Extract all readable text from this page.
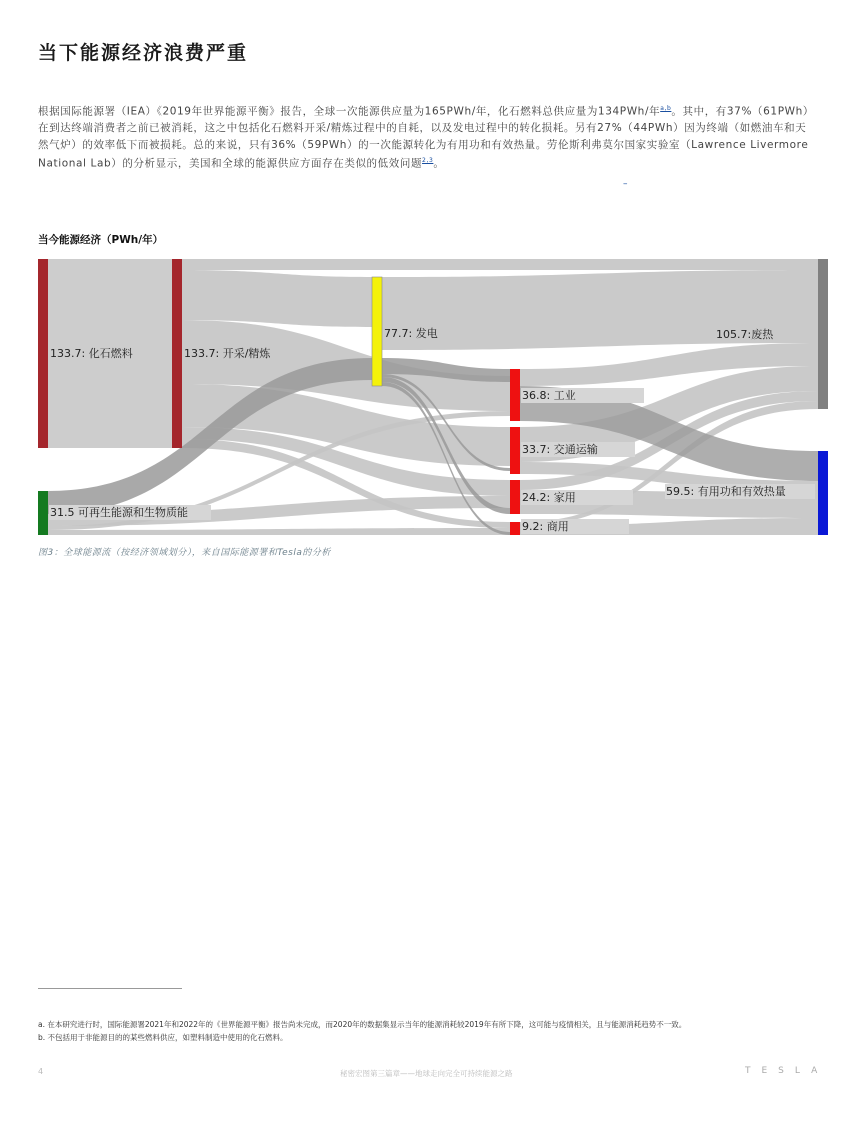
当下能源经济浪费严重

根据国际能源署（IEA）《2019年世界能源平衡》报告，全球一次能源供应量为165PWh/年，化石燃料总供应量为134PWh/年$^{a,b}$。其中，有37%（61PWh）在到达终端消费者之前已被消耗，这之中包括化石燃料开采/精炼过程中的自耗，以及发电过程中的转化损耗。另有27%（44PWh）因为终端（如燃油车和天然气炉）的效率低下而被损耗。总的来说，只有36%（59PWh）的一次能源转化为有用功和有效热量。劳伦斯利弗莫尔国家实验室（Lawrence Livermore National Lab）的分析显示，美国和全球的能源供应方面存在类似的低效问题$^{2,3}$。

–

当今能源经济（PWh/年）

133.7: 化石燃料	133.7: 开采/精炼
77.7: 发电
31.5 可再生能源和生物质能
36.8: 工业
33.7: 交通运输
24.2: 家用
9.2: 商用
105.7:废热
59.5: 有用功和有效热量

图3：全球能源流（按经济领域划分），来自国际能源署和Tesla的分析

a. 在本研究进行时，国际能源署2021年和2022年的《世界能源平衡》报告尚未完成，而2020年的数据集显示当年的能源消耗较2019年有所下降，这可能与疫情相关，且与能源消耗趋势不一致。

b. 不包括用于非能源目的的某些燃料供应，如塑料制造中使用的化石燃料。

4	秘密宏图第三篇章——地球走向完全可持续能源之路	TESLA
